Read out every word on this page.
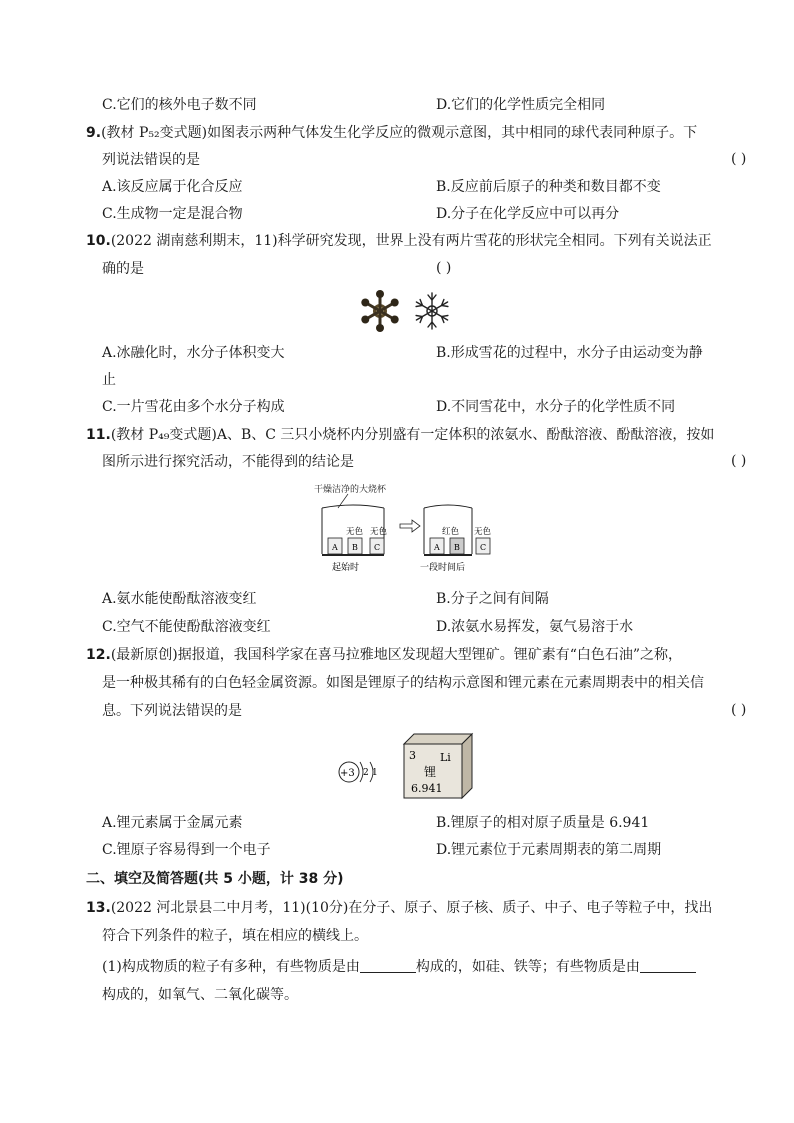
C.它们的核外电子数不同	D.它们的化学性质完全相同
9.(教材 P₅₂变式题)如图表示两种气体发生化学反应的微观示意图，其中相同的球代表同种原子。下
列说法错误的是	( )
A.该反应属于化合反应	B.反应前后原子的种类和数目都不变
C.生成物一定是混合物	D.分子在化学反应中可以再分
10.(2022 湖南慈利期末，11)科学研究发现，世界上没有两片雪花的形状完全相同。下列有关说法正
确的是	( )
A.冰融化时，水分子体积变大	B.形成雪花的过程中，水分子由运动变为静
止
C.一片雪花由多个水分子构成	D.不同雪花中，水分子的化学性质不同
11.(教材 P₄₉变式题)A、B、C 三只小烧杯内分别盛有一定体积的浓氨水、酚酞溶液、酚酞溶液，按如
图所示进行探究活动，不能得到的结论是	( )
干燥洁净的大烧杯
A B C
无色 无色
起始时
A B	C
红色 无色
一段时间后
A.氨水能使酚酞溶液变红	B.分子之间有间隔
C.空气不能使酚酞溶液变红	D.浓氨水易挥发，氨气易溶于水
12.(最新原创)据报道，我国科学家在喜马拉雅地区发现超大型锂矿。锂矿素有“白色石油”之称，
是一种极其稀有的白色轻金属资源。如图是锂原子的结构示意图和锂元素在元素周期表中的相关信
息。下列说法错误的是	( )
+3 2 1
3 Li
锂
6.941
A.锂元素属于金属元素	B.锂原子的相对原子质量是 6.941
C.锂原子容易得到一个电子	D.锂元素位于元素周期表的第二周期
二、填空及简答题(共 5 小题，计 38 分)
13.(2022 河北景县二中月考，11)(10分)在分子、原子、原子核、质子、中子、电子等粒子中，找出
符合下列条件的粒子，填在相应的横线上。
(1)构成物质的粒子有多种，有些物质是由	构成的，如硅、铁等；有些物质是由
构成的，如氧气、二氧化碳等。
